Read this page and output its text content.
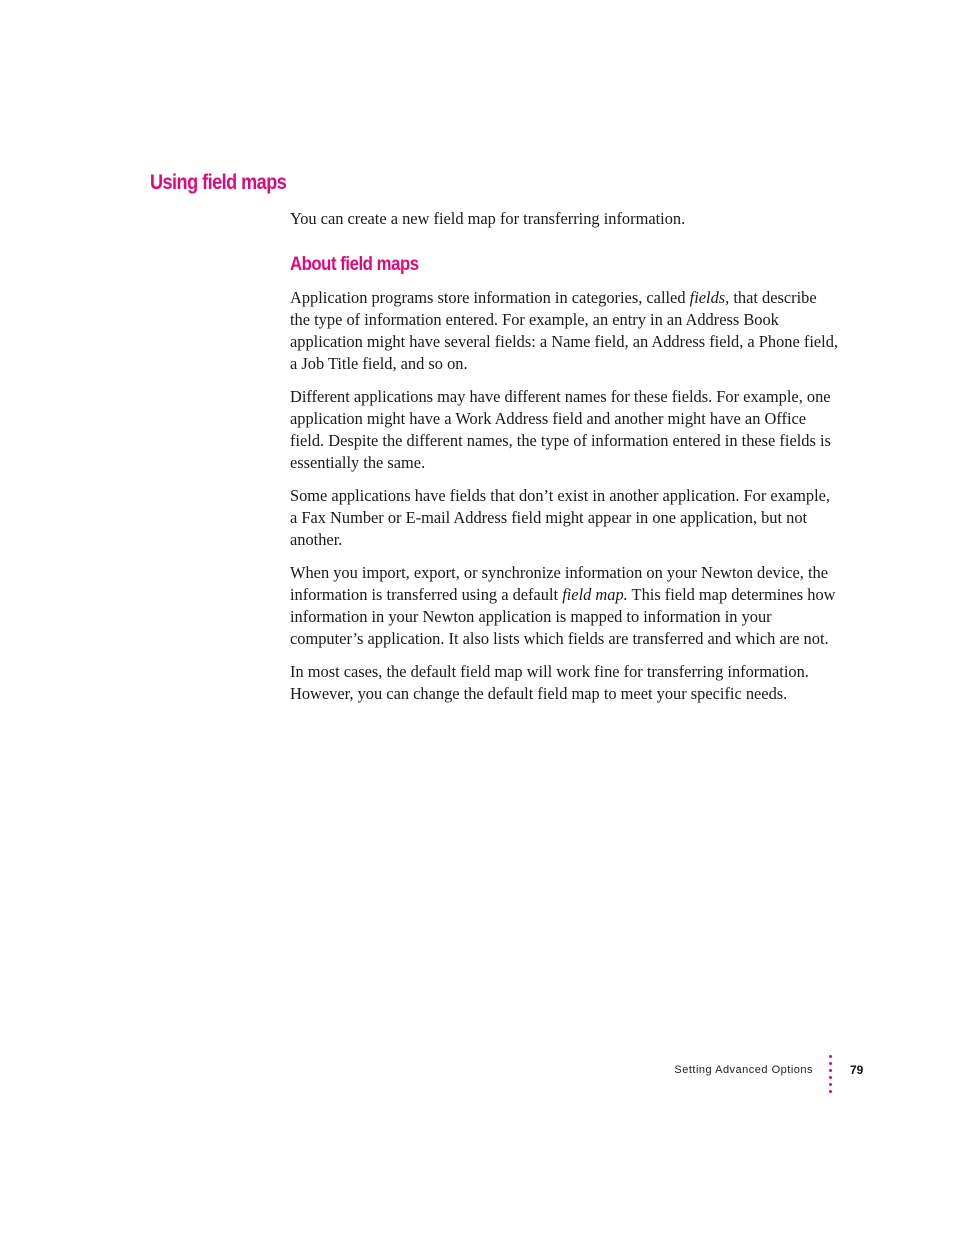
Using field maps

You can create a new field map for transferring information.

About field maps

Application programs store information in categories, called fields, that describe the type of information entered. For example, an entry in an Address Book application might have several fields: a Name field, an Address field, a Phone field, a Job Title field, and so on.

Different applications may have different names for these fields. For example, one application might have a Work Address field and another might have an Office field. Despite the different names, the type of information entered in these fields is essentially the same.

Some applications have fields that don’t exist in another application. For example, a Fax Number or E-mail Address field might appear in one application, but not another.

When you import, export, or synchronize information on your Newton device, the information is transferred using a default field map. This field map determines how information in your Newton application is mapped to information in your computer’s application. It also lists which fields are transferred and which are not.

In most cases, the default field map will work fine for transferring information. However, you can change the default field map to meet your specific needs.

Setting Advanced Options	79
